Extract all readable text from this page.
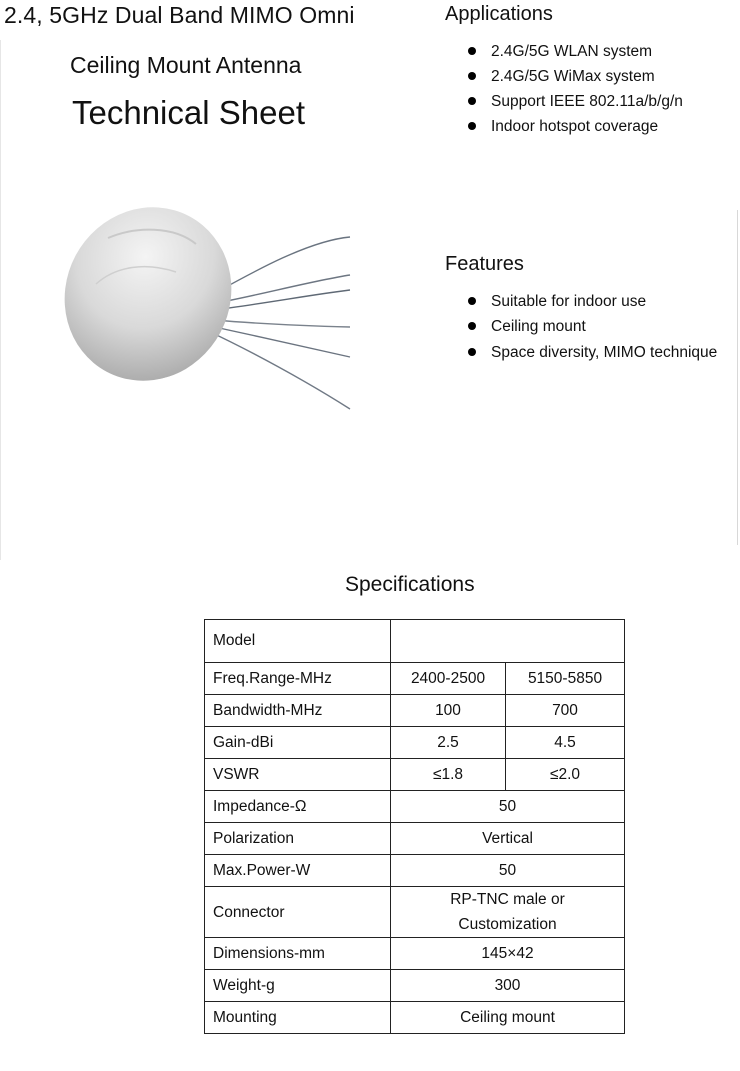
2.4, 5GHz Dual Band MIMO Omni
Ceiling Mount Antenna
Technical Sheet
Applications
2.4G/5G WLAN system
2.4G/5G WiMax system
Support IEEE 802.11a/b/g/n
Indoor hotspot coverage
Features
Suitable for indoor use
Ceiling mount
Space diversity, MIMO technique
Specifications
Model		
Freq.Range-MHz	2400-2500	5150-5850
Bandwidth-MHz	100	700
Gain-dBi	2.5	4.5
VSWR	≤1.8	≤2.0
Impedance-Ω	50	
Polarization	Vertical	
Max.Power-W	50	
Connector	RP-TNC male or
Customization	

Dimensions-mm	145×42	
Weight-g	300	
Mounting	Ceiling mount	
